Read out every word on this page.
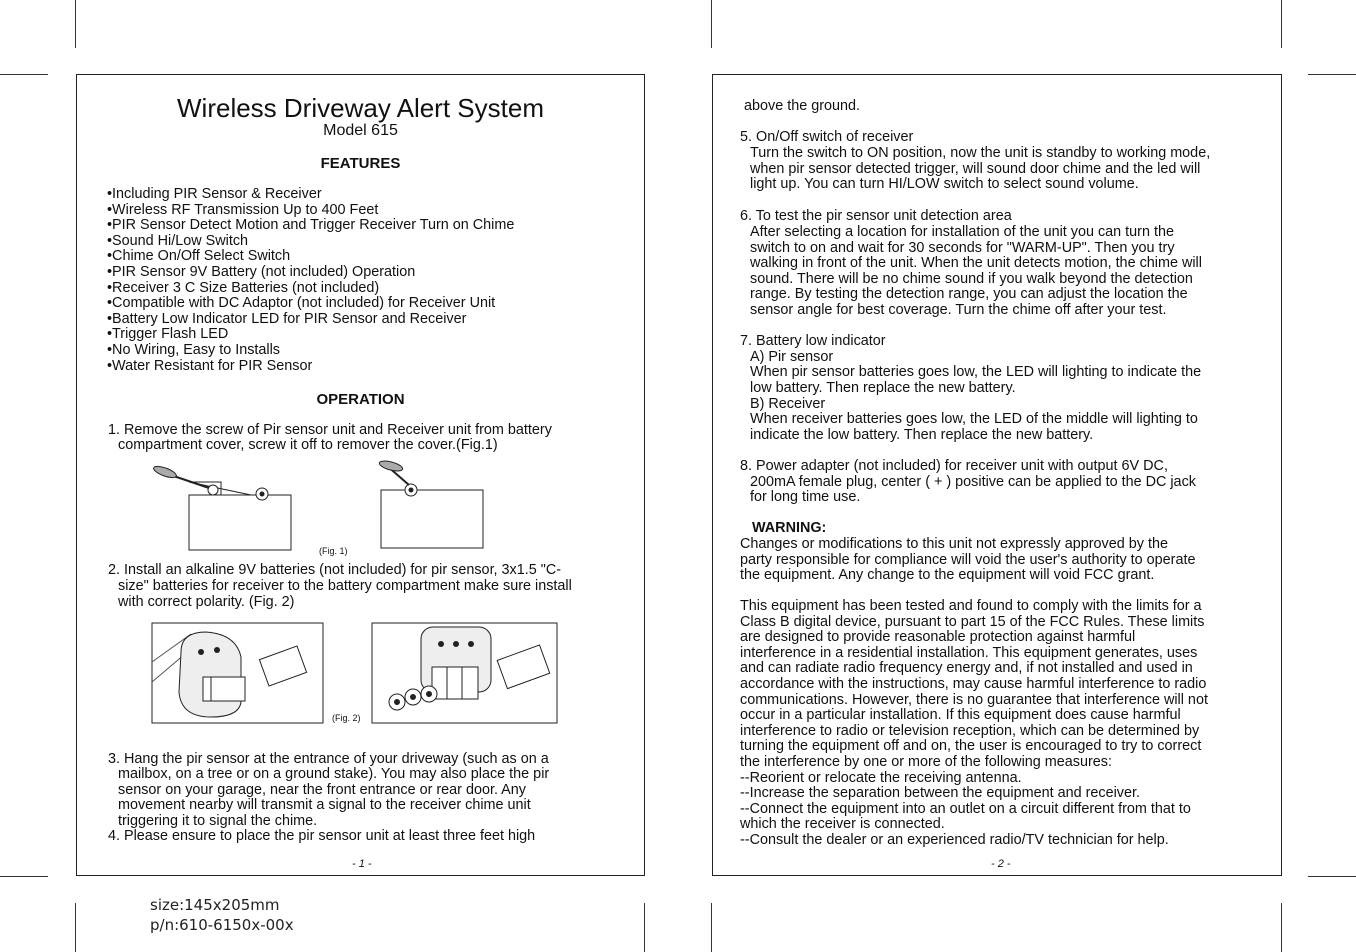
Wireless Driveway Alert System
Model 615
FEATURES
• Including PIR Sensor & Receiver
• Wireless RF Transmission Up to 400 Feet
• PIR Sensor Detect Motion and Trigger Receiver Turn on Chime
• Sound Hi/Low Switch
• Chime On/Off Select Switch
• PIR Sensor 9V Battery (not included) Operation
• Receiver 3 C Size Batteries (not included)
• Compatible with DC Adaptor (not included) for Receiver Unit
• Battery Low Indicator LED for PIR Sensor and Receiver
• Trigger Flash LED
• No Wiring, Easy to Installs
• Water Resistant for PIR Sensor
OPERATION
1. Remove the screw of Pir sensor unit and Receiver unit from battery
compartment cover, screw it off to remover the cover.(Fig.1)
(Fig. 1)
2. Install an alkaline 9V batteries (not included) for pir sensor, 3x1.5 "C-
size" batteries for receiver to the battery compartment make sure install
with correct polarity. (Fig. 2)
(Fig. 2)

3. Hang the pir sensor at the entrance of your driveway (such as on a
mailbox, on a tree or on a ground stake). You may also place the pir
sensor on your garage, near the front entrance or rear door. Any
movement nearby will transmit a signal to the receiver chime unit
triggering it to signal the chime.

4. Please ensure to place the pir sensor unit at least three feet high
- 1 -
above the ground.
5. On/Off switch of receiver
Turn the switch to ON position, now the unit is standby to working mode,
when pir sensor detected trigger, will sound door chime and the led will
light up. You can turn HI/LOW switch to select sound volume.
6. To test the pir sensor unit detection area
After selecting a location for installation of the unit you can turn the
switch to on and wait for 30 seconds for "WARM-UP". Then you try
walking in front of the unit. When the unit detects motion, the chime will
sound. There will be no chime sound if you walk beyond the detection
range. By testing the detection range, you can adjust the location the
sensor angle for best coverage. Turn the chime off after your test.
7. Battery low indicator
A) Pir sensor
When pir sensor batteries goes low, the LED will lighting to indicate the
low battery. Then replace the new battery.
B) Receiver
When receiver batteries goes low, the LED of the middle will lighting to
indicate the low battery. Then replace the new battery.
8. Power adapter (not included) for receiver unit with output 6V DC,
200mA female plug, center ( + ) positive can be applied to the DC jack
for long time use.
WARNING:
Changes or modifications to this unit not expressly approved by the
party responsible for compliance will void the user's authority to operate
the equipment. Any change to the equipment will void FCC grant.
This equipment has been tested and found to comply with the limits for a
Class B digital device, pursuant to part 15 of the FCC Rules. These limits
are designed to provide reasonable protection against harmful
interference in a residential installation. This equipment generates, uses
and can radiate radio frequency energy and, if not installed and used in
accordance with the instructions, may cause harmful interference to radio
communications. However, there is no guarantee that interference will not
occur in a particular installation. If this equipment does cause harmful
interference to radio or television reception, which can be determined by
turning the equipment off and on, the user is encouraged to try to correct
the interference by one or more of the following measures:
--Reorient or relocate the receiving antenna.
--Increase the separation between the equipment and receiver.
--Connect the equipment into an outlet on a circuit different from that to
which the receiver is connected.
--Consult the dealer or an experienced radio/TV technician for help.
- 2 -
size:145x205mm
p/n:610-6150x-00x
